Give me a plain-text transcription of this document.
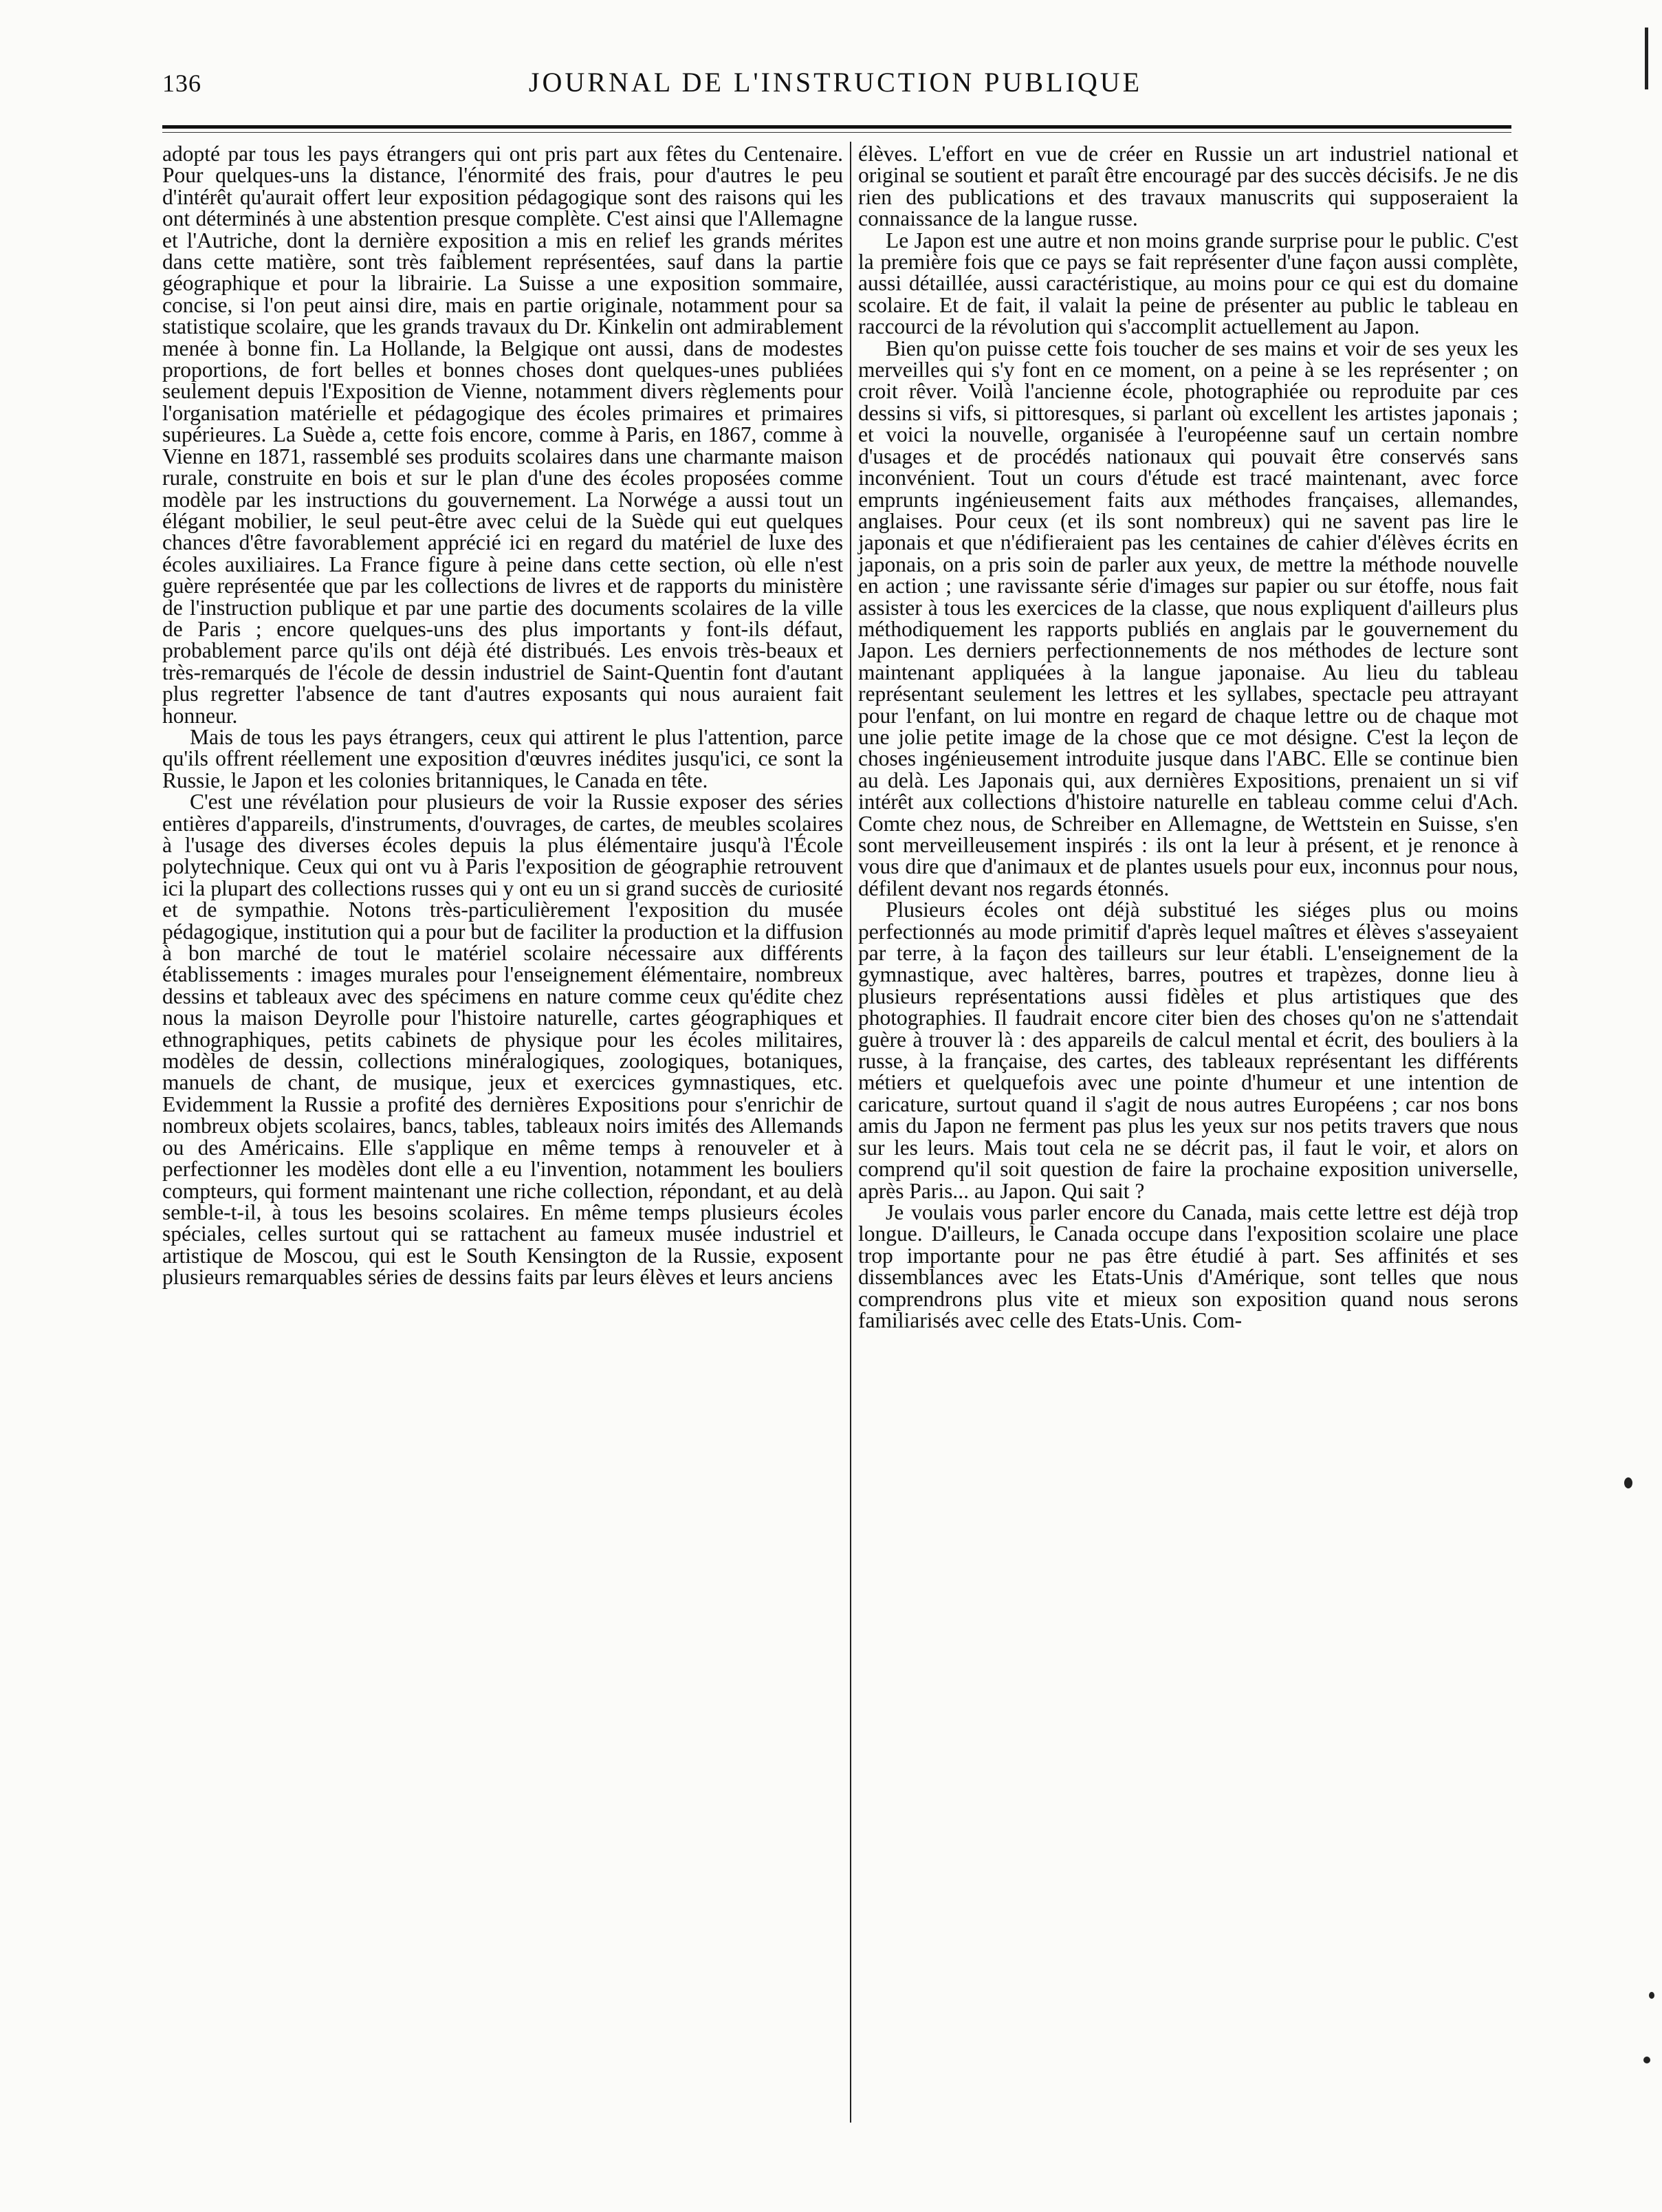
136	JOURNAL DE L'INSTRUCTION PUBLIQUE

adopté par tous les pays étrangers qui ont pris part aux fêtes du Centenaire. Pour quelques-uns la distance, l'énormité des frais, pour d'autres le peu d'intérêt qu'aurait offert leur exposition pédagogique sont des raisons qui les ont déterminés à une abstention presque complète. C'est ainsi que l'Allemagne et l'Autriche, dont la dernière exposition a mis en relief les grands mérites dans cette matière, sont très faiblement représentées, sauf dans la partie géographique et pour la librairie. La Suisse a une exposition sommaire, concise, si l'on peut ainsi dire, mais en partie originale, notamment pour sa statistique scolaire, que les grands travaux du Dr. Kinkelin ont admirablement menée à bonne fin. La Hollande, la Belgique ont aussi, dans de modestes proportions, de fort belles et bonnes choses dont quelques-unes publiées seulement depuis l'Exposition de Vienne, notamment divers règlements pour l'organisation matérielle et pédagogique des écoles primaires et primaires supérieures. La Suède a, cette fois encore, comme à Paris, en 1867, comme à Vienne en 1871, rassemblé ses produits scolaires dans une charmante maison rurale, construite en bois et sur le plan d'une des écoles proposées comme modèle par les instructions du gouvernement. La Norwége a aussi tout un élégant mobilier, le seul peut-être avec celui de la Suède qui eut quelques chances d'être favorablement apprécié ici en regard du matériel de luxe des écoles auxiliaires. La France figure à peine dans cette section, où elle n'est guère représentée que par les collections de livres et de rapports du ministère de l'instruction publique et par une partie des documents scolaires de la ville de Paris ; encore quelques-uns des plus importants y font-ils défaut, probablement parce qu'ils ont déjà été distribués. Les envois très-beaux et très-remarqués de l'école de dessin industriel de Saint-Quentin font d'autant plus regretter l'absence de tant d'autres exposants qui nous auraient fait honneur.

Mais de tous les pays étrangers, ceux qui attirent le plus l'attention, parce qu'ils offrent réellement une exposition d'œuvres inédites jusqu'ici, ce sont la Russie, le Japon et les colonies britanniques, le Canada en tête.

C'est une révélation pour plusieurs de voir la Russie exposer des séries entières d'appareils, d'instruments, d'ouvrages, de cartes, de meubles scolaires à l'usage des diverses écoles depuis la plus élémentaire jusqu'à l'École polytechnique. Ceux qui ont vu à Paris l'exposition de géographie retrouvent ici la plupart des collections russes qui y ont eu un si grand succès de curiosité et de sympathie. Notons très-particulièrement l'exposition du musée pédagogique, institution qui a pour but de faciliter la production et la diffusion à bon marché de tout le matériel scolaire nécessaire aux différents établissements : images murales pour l'enseignement élémentaire, nombreux dessins et tableaux avec des spécimens en nature comme ceux qu'édite chez nous la maison Deyrolle pour l'histoire naturelle, cartes géographiques et ethnographiques, petits cabinets de physique pour les écoles militaires, modèles de dessin, collections minéralogiques, zoologiques, botaniques, manuels de chant, de musique, jeux et exercices gymnastiques, etc. Evidemment la Russie a profité des dernières Expositions pour s'enrichir de nombreux objets scolaires, bancs, tables, tableaux noirs imités des Allemands ou des Américains. Elle s'applique en même temps à renouveler et à perfectionner les modèles dont elle a eu l'invention, notamment les bouliers compteurs, qui forment maintenant une riche collection, répondant, et au delà semble-t-il, à tous les besoins scolaires. En même temps plusieurs écoles spéciales, celles surtout qui se rattachent au fameux musée industriel et artistique de Moscou, qui est le South Kensington de la Russie, exposent plusieurs remarquables séries de dessins faits par leurs élèves et leurs anciens

élèves. L'effort en vue de créer en Russie un art industriel national et original se soutient et paraît être encouragé par des succès décisifs. Je ne dis rien des publications et des travaux manuscrits qui supposeraient la connaissance de la langue russe.

Le Japon est une autre et non moins grande surprise pour le public. C'est la première fois que ce pays se fait représenter d'une façon aussi complète, aussi détaillée, aussi caractéristique, au moins pour ce qui est du domaine scolaire. Et de fait, il valait la peine de présenter au public le tableau en raccourci de la révolution qui s'accomplit actuellement au Japon.

Bien qu'on puisse cette fois toucher de ses mains et voir de ses yeux les merveilles qui s'y font en ce moment, on a peine à se les représenter ; on croit rêver. Voilà l'ancienne école, photographiée ou reproduite par ces dessins si vifs, si pittoresques, si parlant où excellent les artistes japonais ; et voici la nouvelle, organisée à l'européenne sauf un certain nombre d'usages et de procédés nationaux qui pouvait être conservés sans inconvénient. Tout un cours d'étude est tracé maintenant, avec force emprunts ingénieusement faits aux méthodes françaises, allemandes, anglaises. Pour ceux (et ils sont nombreux) qui ne savent pas lire le japonais et que n'édifieraient pas les centaines de cahier d'élèves écrits en japonais, on a pris soin de parler aux yeux, de mettre la méthode nouvelle en action ; une ravissante série d'images sur papier ou sur étoffe, nous fait assister à tous les exercices de la classe, que nous expliquent d'ailleurs plus méthodiquement les rapports publiés en anglais par le gouvernement du Japon. Les derniers perfectionnements de nos méthodes de lecture sont maintenant appliquées à la langue japonaise. Au lieu du tableau représentant seulement les lettres et les syllabes, spectacle peu attrayant pour l'enfant, on lui montre en regard de chaque lettre ou de chaque mot une jolie petite image de la chose que ce mot désigne. C'est la leçon de choses ingénieusement introduite jusque dans l'ABC. Elle se continue bien au delà. Les Japonais qui, aux dernières Expositions, prenaient un si vif intérêt aux collections d'histoire naturelle en tableau comme celui d'Ach. Comte chez nous, de Schreiber en Allemagne, de Wettstein en Suisse, s'en sont merveilleusement inspirés : ils ont la leur à présent, et je renonce à vous dire que d'animaux et de plantes usuels pour eux, inconnus pour nous, défilent devant nos regards étonnés.

Plusieurs écoles ont déjà substitué les siéges plus ou moins perfectionnés au mode primitif d'après lequel maîtres et élèves s'asseyaient par terre, à la façon des tailleurs sur leur établi. L'enseignement de la gymnastique, avec haltères, barres, poutres et trapèzes, donne lieu à plusieurs représentations aussi fidèles et plus artistiques que des photographies. Il faudrait encore citer bien des choses qu'on ne s'attendait guère à trouver là : des appareils de calcul mental et écrit, des bouliers à la russe, à la française, des cartes, des tableaux représentant les différents métiers et quelquefois avec une pointe d'humeur et une intention de caricature, surtout quand il s'agit de nous autres Européens ; car nos bons amis du Japon ne ferment pas plus les yeux sur nos petits travers que nous sur les leurs. Mais tout cela ne se décrit pas, il faut le voir, et alors on comprend qu'il soit question de faire la prochaine exposition universelle, après Paris... au Japon. Qui sait ?

Je voulais vous parler encore du Canada, mais cette lettre est déjà trop longue. D'ailleurs, le Canada occupe dans l'exposition scolaire une place trop importante pour ne pas être étudié à part. Ses affinités et ses dissemblances avec les Etats-Unis d'Amérique, sont telles que nous comprendrons plus vite et mieux son exposition quand nous serons familiarisés avec celle des Etats-Unis. Com-
